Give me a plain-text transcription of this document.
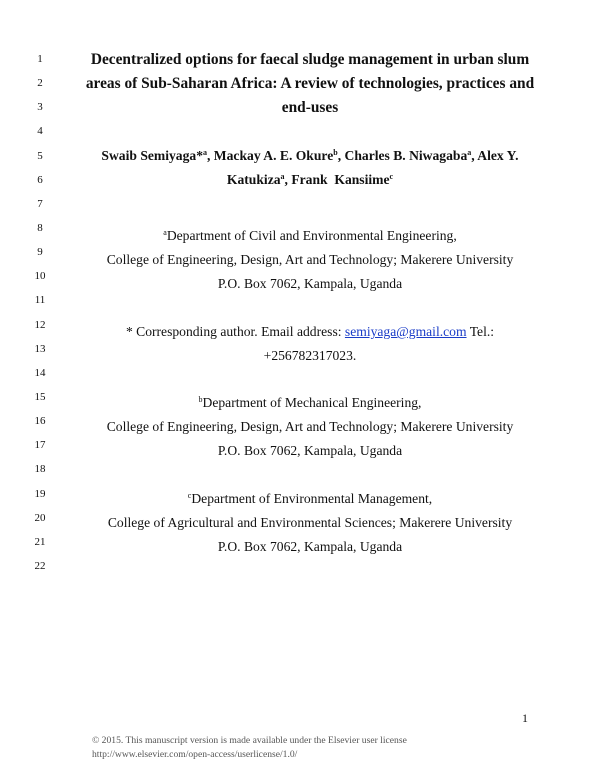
1
2
3
4
5
6
7
8
9
10
11
12
13
14
15
16
17
18
19
20
21
22
Decentralized options for faecal sludge management in urban slum
areas of Sub-Saharan Africa: A review of technologies, practices and
end-uses
Swaib Semiyaga*$^a$, Mackay A. E. Okure$^b$, Charles B. Niwagaba$^a$, Alex Y.
Katukiza$^a$, Frank  Kansiime$^c$
$^a$Department of Civil and Environmental Engineering,
College of Engineering, Design, Art and Technology; Makerere University
P.O. Box 7062, Kampala, Uganda
* Corresponding author. Email address: semiyaga@gmail.com Tel.:
+256782317023.
$^b$Department of Mechanical Engineering,
College of Engineering, Design, Art and Technology; Makerere University
P.O. Box 7062, Kampala, Uganda
$^c$Department of Environmental Management,
College of Agricultural and Environmental Sciences; Makerere University
P.O. Box 7062, Kampala, Uganda
1
© 2015. This manuscript version is made available under the Elsevier user license
http://www.elsevier.com/open-access/userlicense/1.0/
